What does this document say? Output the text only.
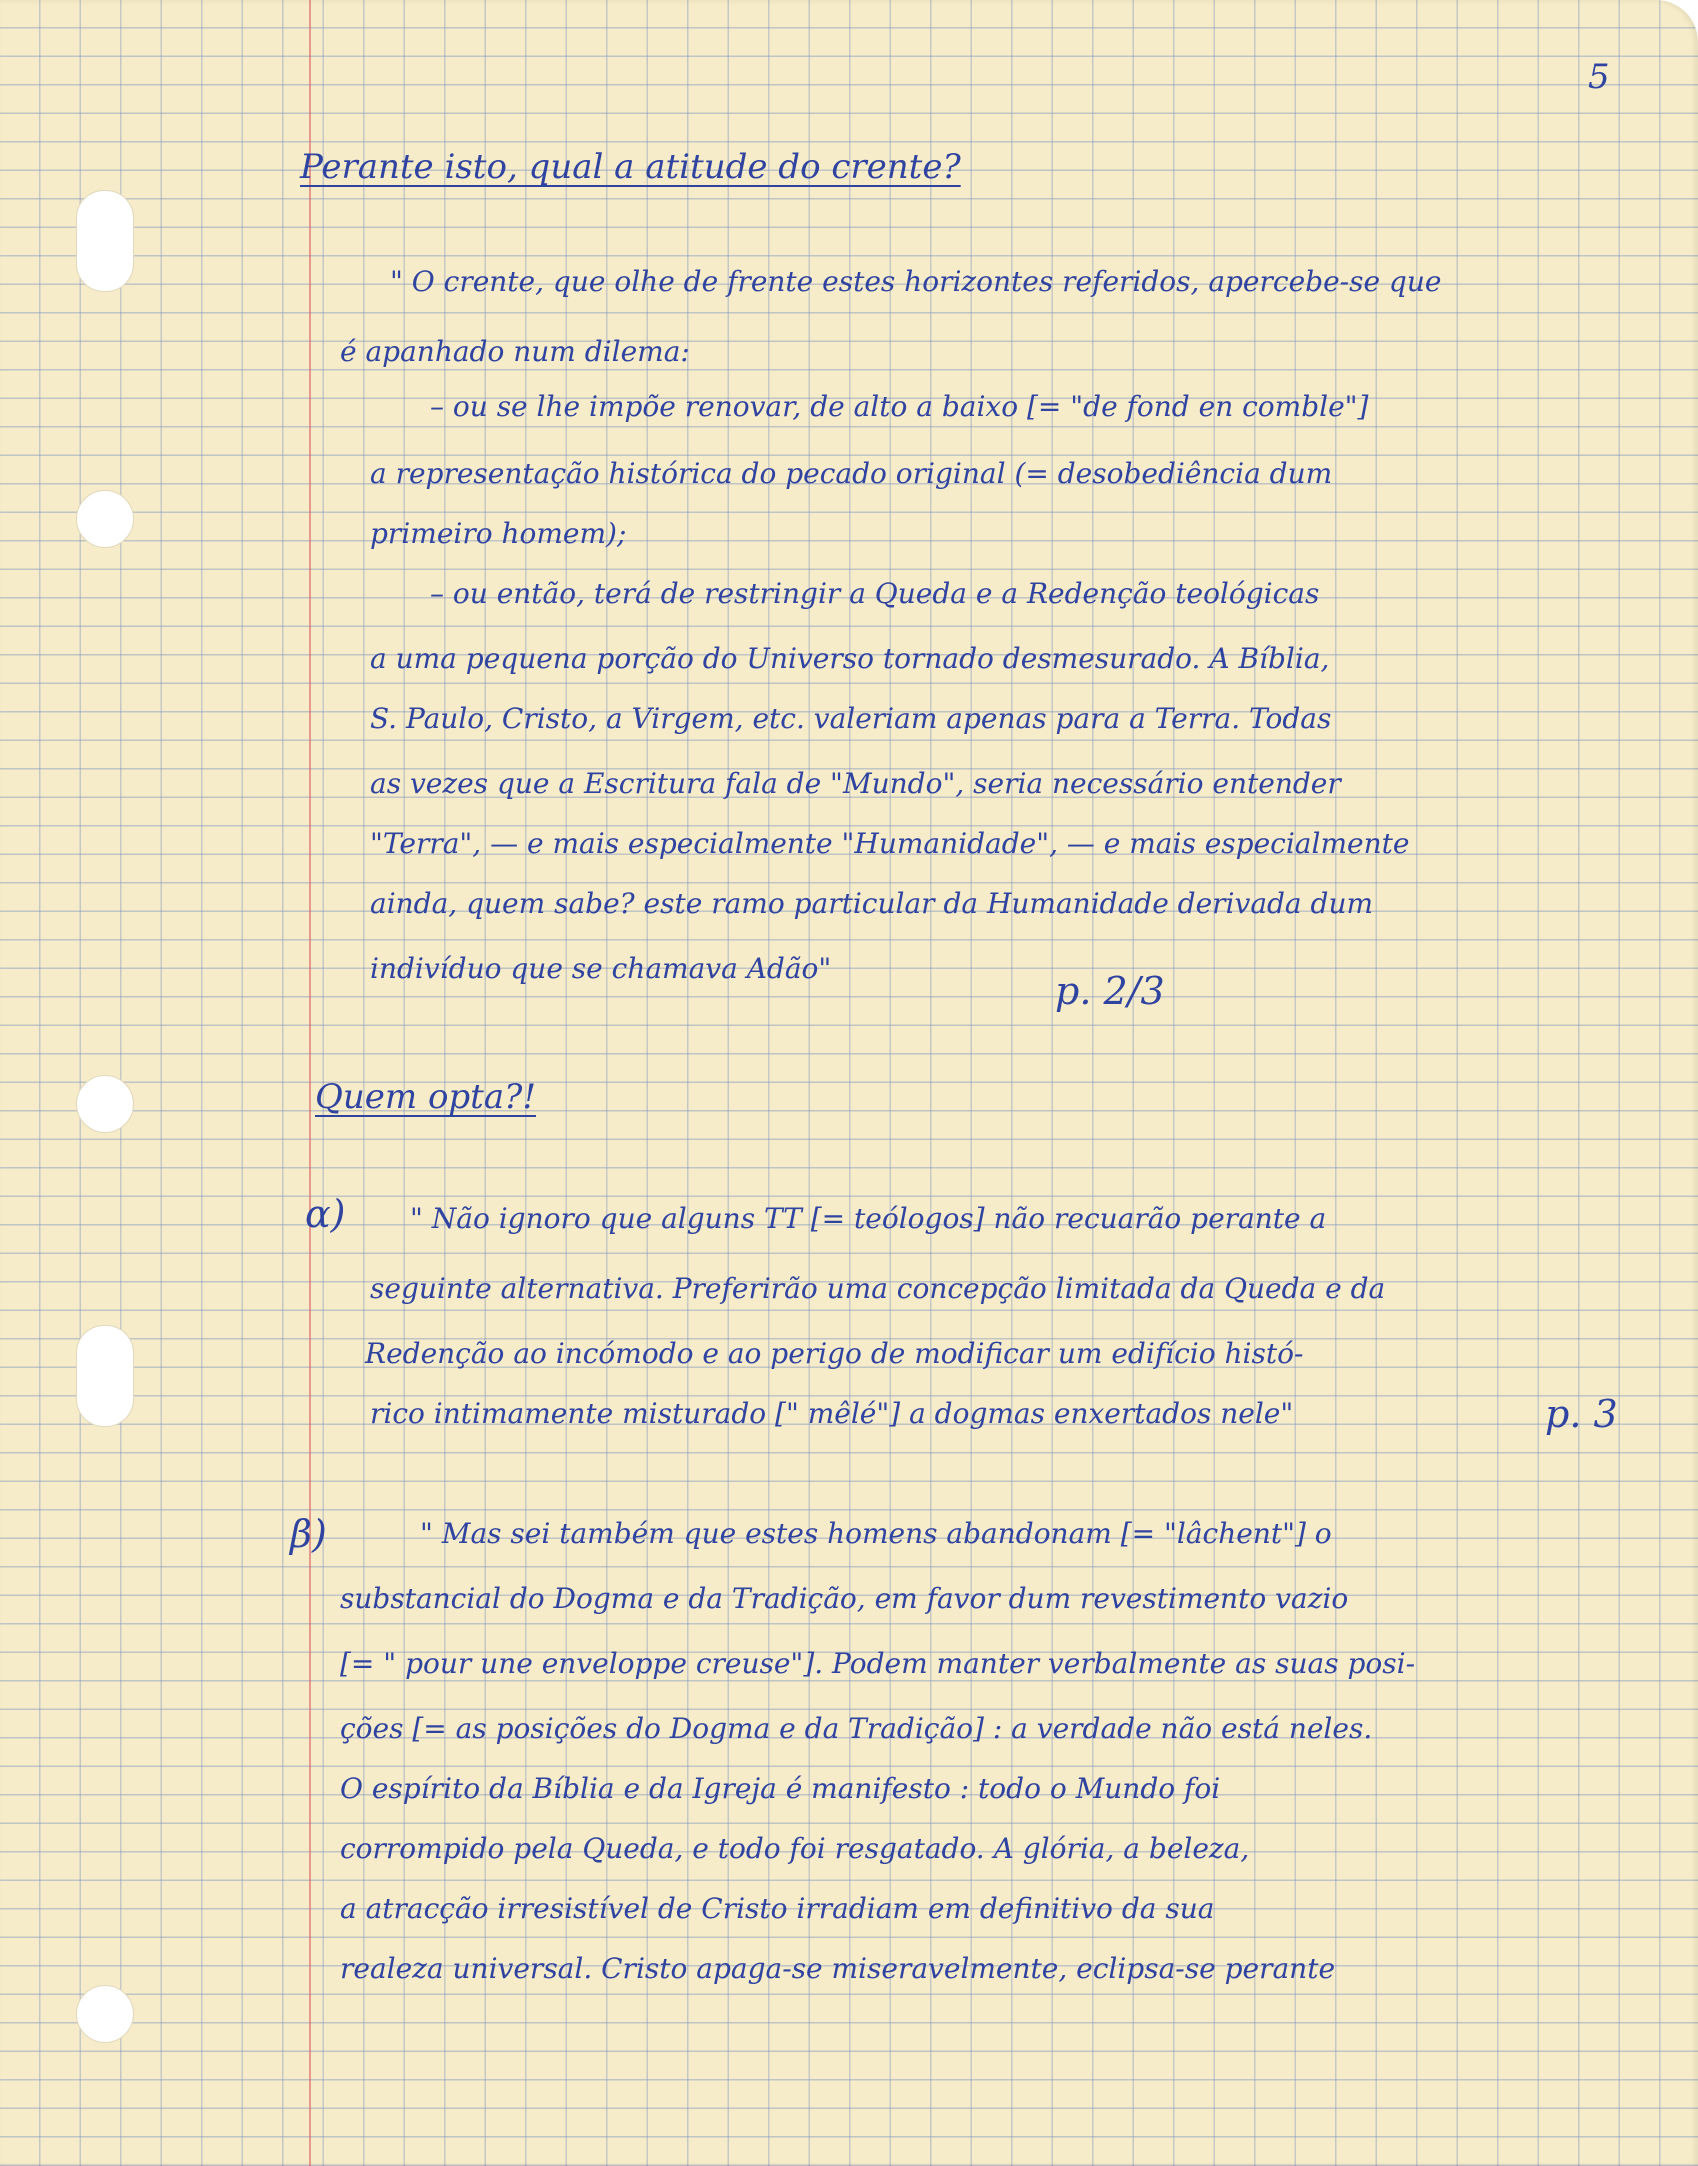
5

Perante isto, qual a atitude do crente?

" O crente, que olhe de frente estes horizontes referidos, apercebe-se que

é apanhado num dilema:

– ou se lhe impõe renovar, de alto a baixo [= "de fond en comble"]

a representação histórica do pecado original (= desobediência dum

primeiro homem);

– ou então, terá de restringir a Queda e a Redenção teológicas

a uma pequena porção do Universo tornado desmesurado. A Bíblia,

S. Paulo, Cristo, a Virgem, etc. valeriam apenas para a Terra. Todas

as vezes que a Escritura fala de "Mundo", seria necessário entender

"Terra", — e mais especialmente "Humanidade", — e mais especialmente

ainda, quem sabe? este ramo particular da Humanidade derivada dum

indivíduo que se chamava Adão"

p. 2/3

Quem opta?!

α) " Não ignoro que alguns TT [= teólogos] não recuarão perante a

seguinte alternativa. Preferirão uma concepção limitada da Queda e da

Redenção ao incómodo e ao perigo de modificar um edifício histó-

rico intimamente misturado [" mêlé"] a dogmas enxertados nele"	p. 3

β)	" Mas sei também que estes homens abandonam [= "lâchent"] o

substancial do Dogma e da Tradição, em favor dum revestimento vazio

[= " pour une enveloppe creuse"]. Podem manter verbalmente as suas posi-

ções [= as posições do Dogma e da Tradição] : a verdade não está neles.

O espírito da Bíblia e da Igreja é manifesto : todo o Mundo foi

corrompido pela Queda, e todo foi resgatado. A glória, a beleza,

a atracção irresistível de Cristo irradiam em definitivo da sua

realeza universal. Cristo apaga-se miseravelmente, eclipsa-se perante
